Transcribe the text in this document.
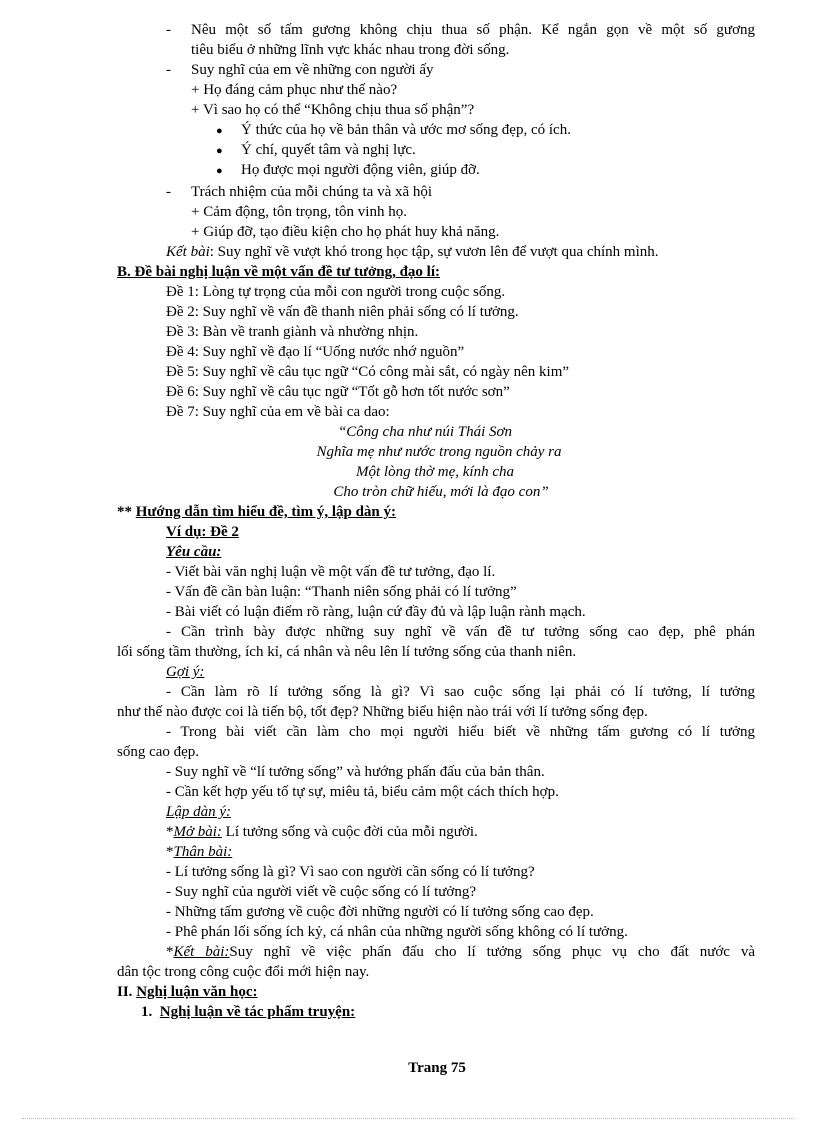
- Nêu một số tấm gương không chịu thua số phận. Kể ngắn gọn về một số gương
tiêu biểu ở những lĩnh vực khác nhau trong đời sống.
- Suy nghĩ của em về những con người ấy
+ Họ đáng cảm phục như thế nào?
+ Vì sao họ có thể “Không chịu thua số phận”?
● Ý thức của họ về bản thân và ước mơ sống đẹp, có ích.
● Ý chí, quyết tâm và nghị lực.
● Họ được mọi người động viên, giúp đỡ.
- Trách nhiệm của mỗi chúng ta và xã hội
+ Cảm động, tôn trọng, tôn vinh họ.
+ Giúp đỡ, tạo điều kiện cho họ phát huy khả năng.
Kết bài: Suy nghĩ về vượt khó trong học tập, sự vươn lên để vượt qua chính mình.
B. Đề bài nghị luận về một vấn đề tư tưởng, đạo lí:
Đề 1: Lòng tự trọng của mỗi con người trong cuộc sống.
Đề 2: Suy nghĩ về vấn đề thanh niên phải sống có lí tưởng.
Đề 3: Bàn về tranh giành và nhường nhịn.
Đề 4: Suy nghĩ về đạo lí “Uống nước nhớ nguồn”
Đề 5: Suy nghĩ về câu tục ngữ “Có công mài sắt, có ngày nên kim”
Đề 6: Suy nghĩ về câu tục ngữ “Tốt gỗ hơn tốt nước sơn”
Đề 7: Suy nghĩ của em về bài ca dao:
“Công cha như núi Thái Sơn
Nghĩa mẹ như nước trong nguồn chảy ra
Một lòng thờ mẹ, kính cha
Cho tròn chữ hiếu, mới là đạo con”
** Hướng dẫn tìm hiểu đề, tìm ý, lập dàn ý:
Ví dụ: Đề 2
Yêu cầu:
- Viết bài văn nghị luận về một vấn đề tư tưởng, đạo lí.
- Vấn đề cần bàn luận: “Thanh niên sống phải có lí tưởng”
- Bài viết có luận điểm rõ ràng, luận cứ đầy đủ và lập luận rành mạch.
- Cần trình bày được những suy nghĩ về vấn đề tư tưởng sống cao đẹp, phê phán
lối sống tầm thường, ích kỉ, cá nhân và nêu lên lí tưởng sống của thanh niên.
Gợi ý:
- Cần làm rõ lí tưởng sống là gì? Vì sao cuộc sống lại phải có lí tưởng, lí tưởng
như thế nào được coi là tiến bộ, tốt đẹp? Những biểu hiện nào trái với lí tưởng sống đẹp.
- Trong bài viết cần làm cho mọi người hiểu biết về những tấm gương có lí tưởng
sống cao đẹp.
- Suy nghĩ về “lí tưởng sống” và hướng phấn đấu của bản thân.
- Cần kết hợp yếu tố tự sự, miêu tả, biểu cảm một cách thích hợp.
Lập dàn ý:
*Mở bài: Lí tưởng sống và cuộc đời của mỗi người.
*Thân bài:
- Lí tưởng sống là gì? Vì sao con người cần sống có lí tưởng?
- Suy nghĩ của người viết về cuộc sống có lí tưởng?
- Những tấm gương về cuộc đời những người có lí tưởng sống cao đẹp.
- Phê phán lối sống ích kỷ, cá nhân của những người sống không có lí tưởng.
*Kết bài:Suy nghĩ về việc phấn đấu cho lí tưởng sống phục vụ cho đất nước và
dân tộc trong công cuộc đổi mới hiện nay.
II. Nghị luận văn học:
1. Nghị luận về tác phẩm truyện:
Trang 75
